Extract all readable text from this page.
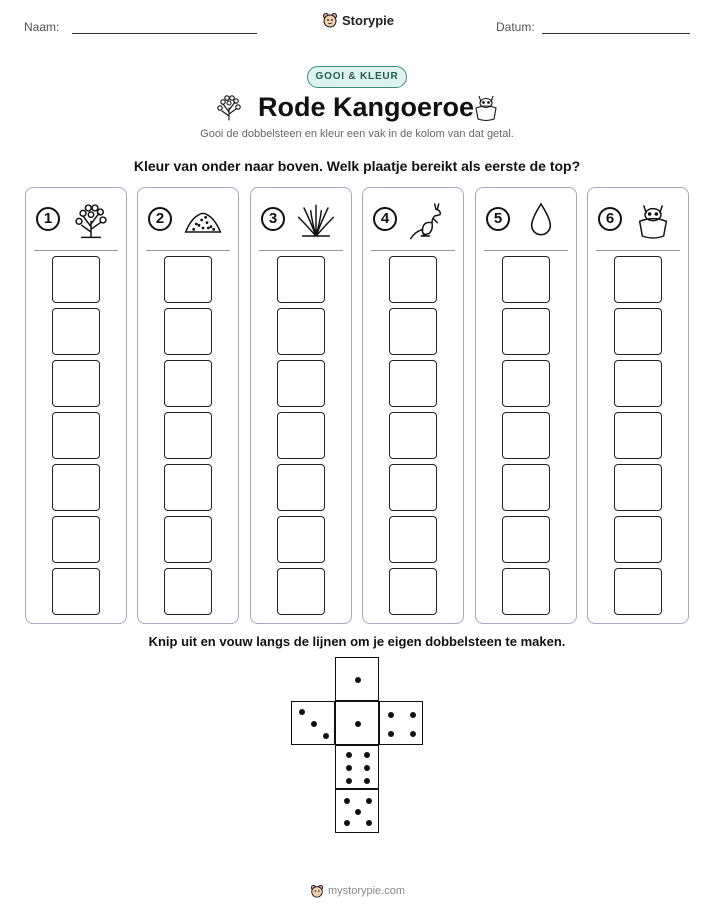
Naam:	Storypie	Datum:
GOOI & KLEUR
Rode Kangoeroe
Gooi de dobbelsteen en kleur een vak in de kolom van dat getal.
Kleur van onder naar boven. Welk plaatje bereikt als eerste de top?
1	2	3	4	5	6
Knip uit en vouw langs de lijnen om je eigen dobbelsteen te maken.
mystorypie.com
